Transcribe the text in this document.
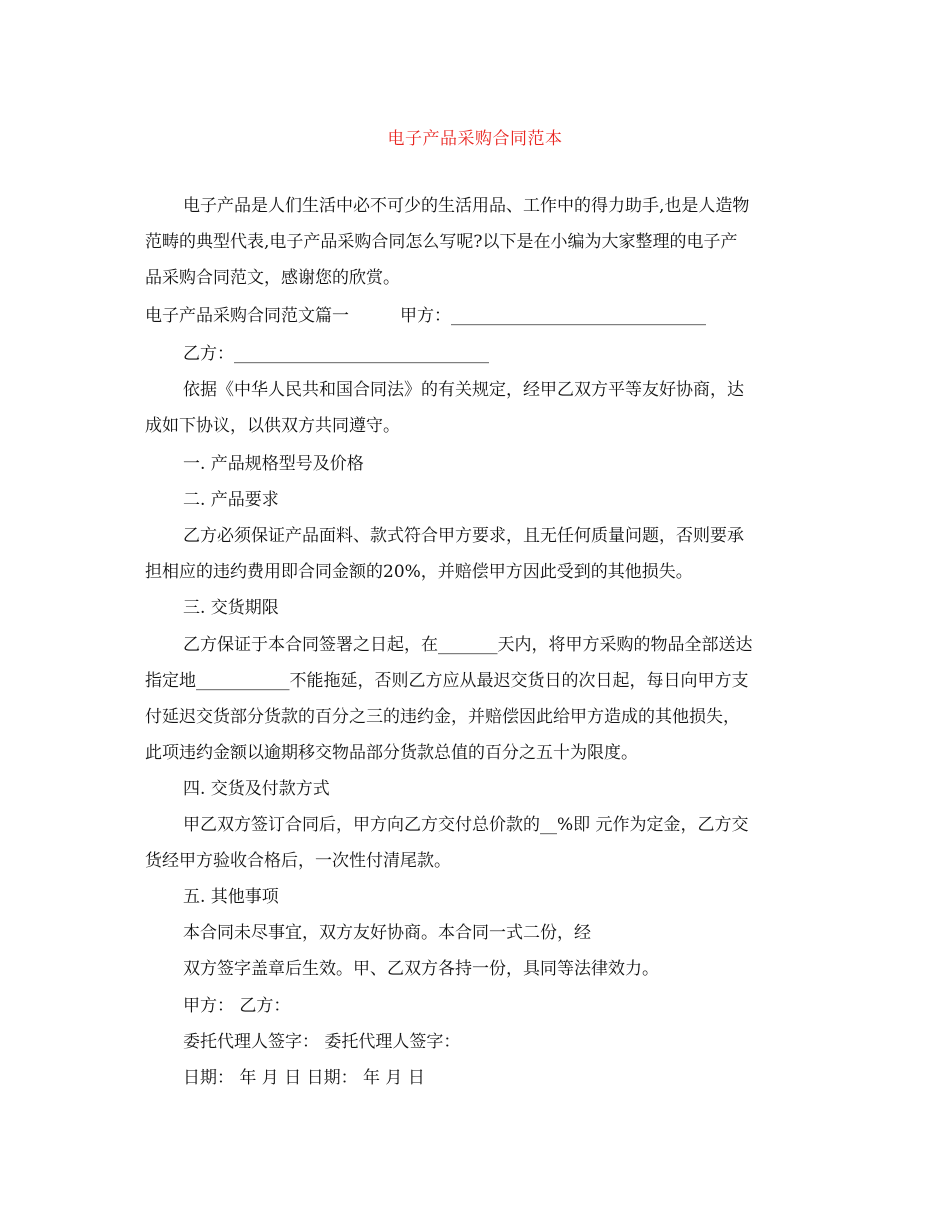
电子产品采购合同范本
电子产品是人们生活中必不可少的生活用品、工作中的得力助手,也是人造物
范畴的典型代表,电子产品采购合同怎么写呢?以下是在小编为大家整理的电子产
品采购合同范文，感谢您的欣赏。
电子产品采购合同范文篇一　　　甲方：______________________________
乙方：______________________________
依据《中华人民共和国合同法》的有关规定，经甲乙双方平等友好协商，达
成如下协议，以供双方共同遵守。
一. 产品规格型号及价格
二. 产品要求
乙方必须保证产品面料、款式符合甲方要求，且无任何质量问题，否则要承
担相应的违约费用即合同金额的20%，并赔偿甲方因此受到的其他损失。
三. 交货期限
乙方保证于本合同签署之日起，在_______天内，将甲方采购的物品全部送达
指定地___________不能拖延，否则乙方应从最迟交货日的次日起，每日向甲方支
付延迟交货部分货款的百分之三的违约金，并赔偿因此给甲方造成的其他损失，
此项违约金额以逾期移交物品部分货款总值的百分之五十为限度。
四. 交货及付款方式
甲乙双方签订合同后，甲方向乙方交付总价款的__%即 元作为定金，乙方交
货经甲方验收合格后，一次性付清尾款。
五. 其他事项
本合同未尽事宜，双方友好协商。本合同一式二份，经
双方签字盖章后生效。甲、乙双方各持一份，具同等法律效力。
甲方： 乙方：
委托代理人签字： 委托代理人签字：
日期： 年 月 日 日期： 年 月 日
